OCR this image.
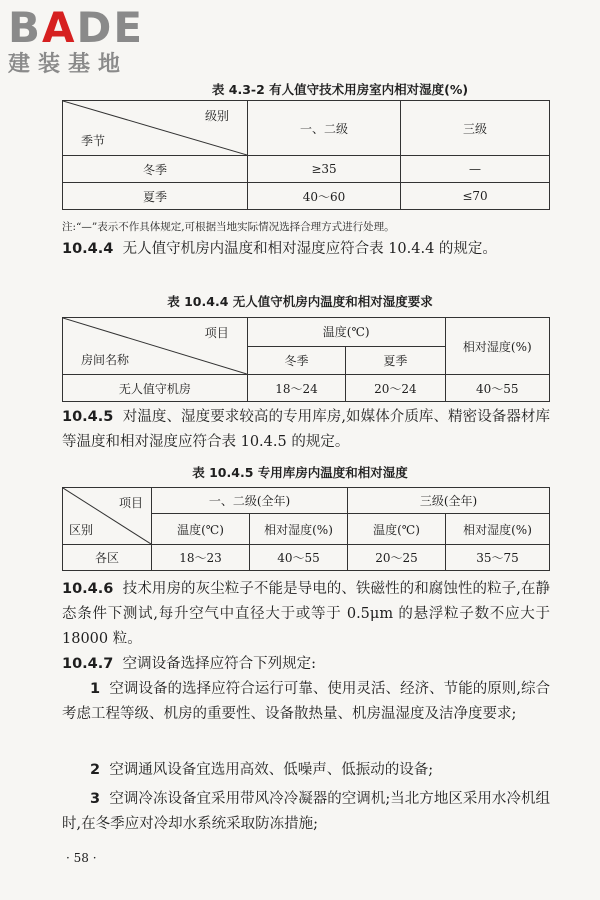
BADE
建装基地
表 4.3-2 有人值守技术用房室内相对湿度(%)
级别
季节	一、二级	三级
冬季	≥35	—
夏季	40～60	≤70
注:“—”表示不作具体规定,可根据当地实际情况选择合理方式进行处理。
10.4.4 无人值守机房内温度和相对湿度应符合表 10.4.4 的规定。
表 10.4.4 无人值守机房内温度和相对湿度要求
项目
房间名称	温度(℃)		相对湿度(%)
	冬季	夏季	
无人值守机房	18～24	20～24	40～55
10.4.5 对温度、湿度要求较高的专用库房,如媒体介质库、精密设备器材库等温度和相对湿度应符合表 10.4.5 的规定。
表 10.4.5 专用库房内温度和相对湿度
项目
区别	一、二级(全年)		三级(全年)	
	温度(℃)	相对湿度(%)	温度(℃)	相对湿度(%)
各区	18～23	40～55	20～25	35～75
10.4.6 技术用房的灰尘粒子不能是导电的、铁磁性的和腐蚀性的粒子,在静态条件下测试,每升空气中直径大于或等于 0.5μm 的悬浮粒子数不应大于 18000 粒。
10.4.7 空调设备选择应符合下列规定:
1 空调设备的选择应符合运行可靠、使用灵活、经济、节能的原则,综合考虑工程等级、机房的重要性、设备散热量、机房温湿度及洁净度要求;
2 空调通风设备宜选用高效、低噪声、低振动的设备;
3 空调冷冻设备宜采用带风冷冷凝器的空调机;当北方地区采用水冷机组时,在冬季应对冷却水系统采取防冻措施;
· 58 ·
